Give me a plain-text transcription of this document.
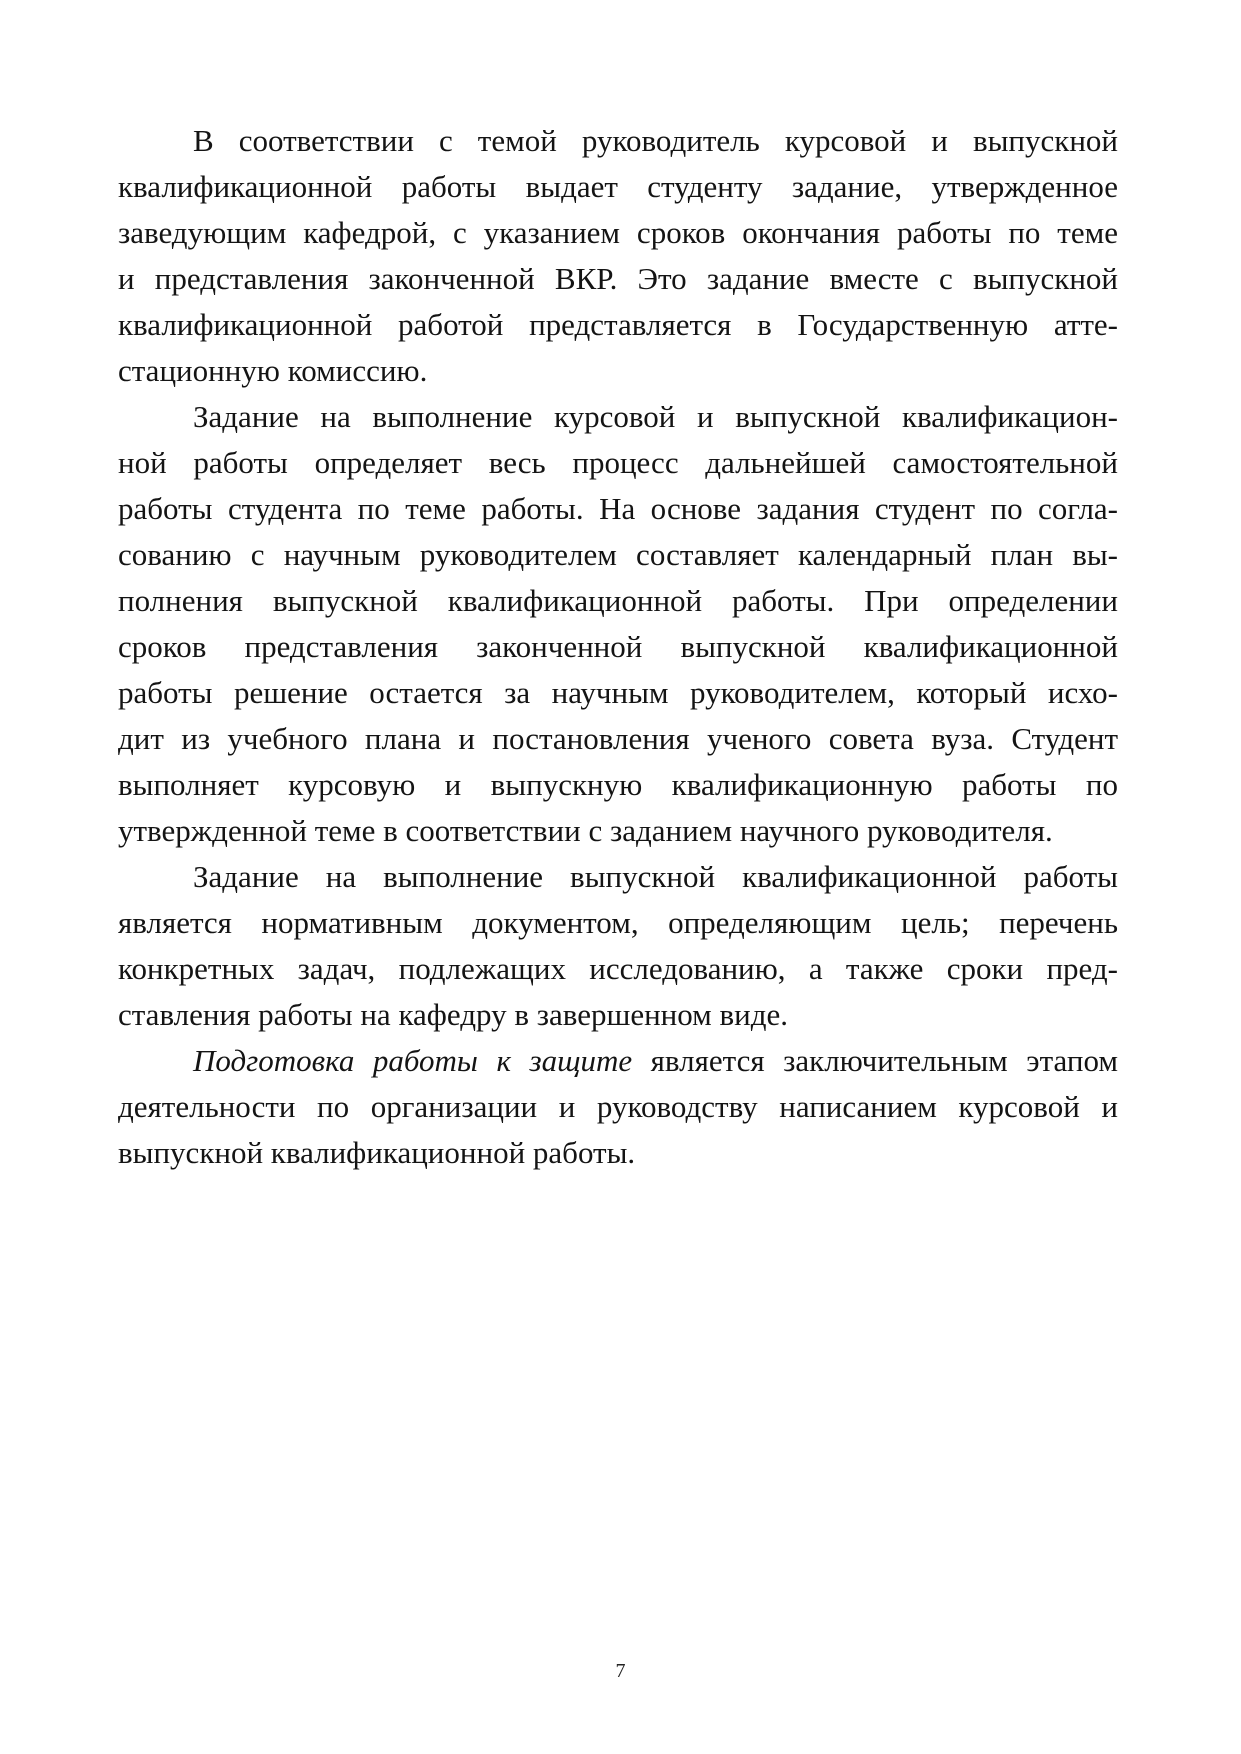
В соответствии с темой руководитель курсовой и выпускной
квалификационной работы выдает студенту задание, утвержденное
заведующим кафедрой, с указанием сроков окончания работы по теме
и представления законченной ВКР. Это задание вместе с выпускной
квалификационной работой представляется в Государственную атте-
стационную комиссию.
Задание на выполнение курсовой и выпускной квалификацион-
ной работы определяет весь процесс дальнейшей самостоятельной
работы студента по теме работы. На основе задания студент по согла-
сованию с научным руководителем составляет календарный план вы-
полнения выпускной квалификационной работы. При определении
сроков представления законченной выпускной квалификационной
работы решение остается за научным руководителем, который исхо-
дит из учебного плана и постановления ученого совета вуза. Студент
выполняет курсовую и выпускную квалификационную работы по
утвержденной теме в соответствии с заданием научного руководителя.
Задание на выполнение выпускной квалификационной работы
является нормативным документом, определяющим цель; перечень
конкретных задач, подлежащих исследованию, а также сроки пред-
ставления работы на кафедру в завершенном виде.
Подготовка работы к защите является заключительным этапом
деятельности по организации и руководству написанием курсовой и
выпускной квалификационной работы.
7
